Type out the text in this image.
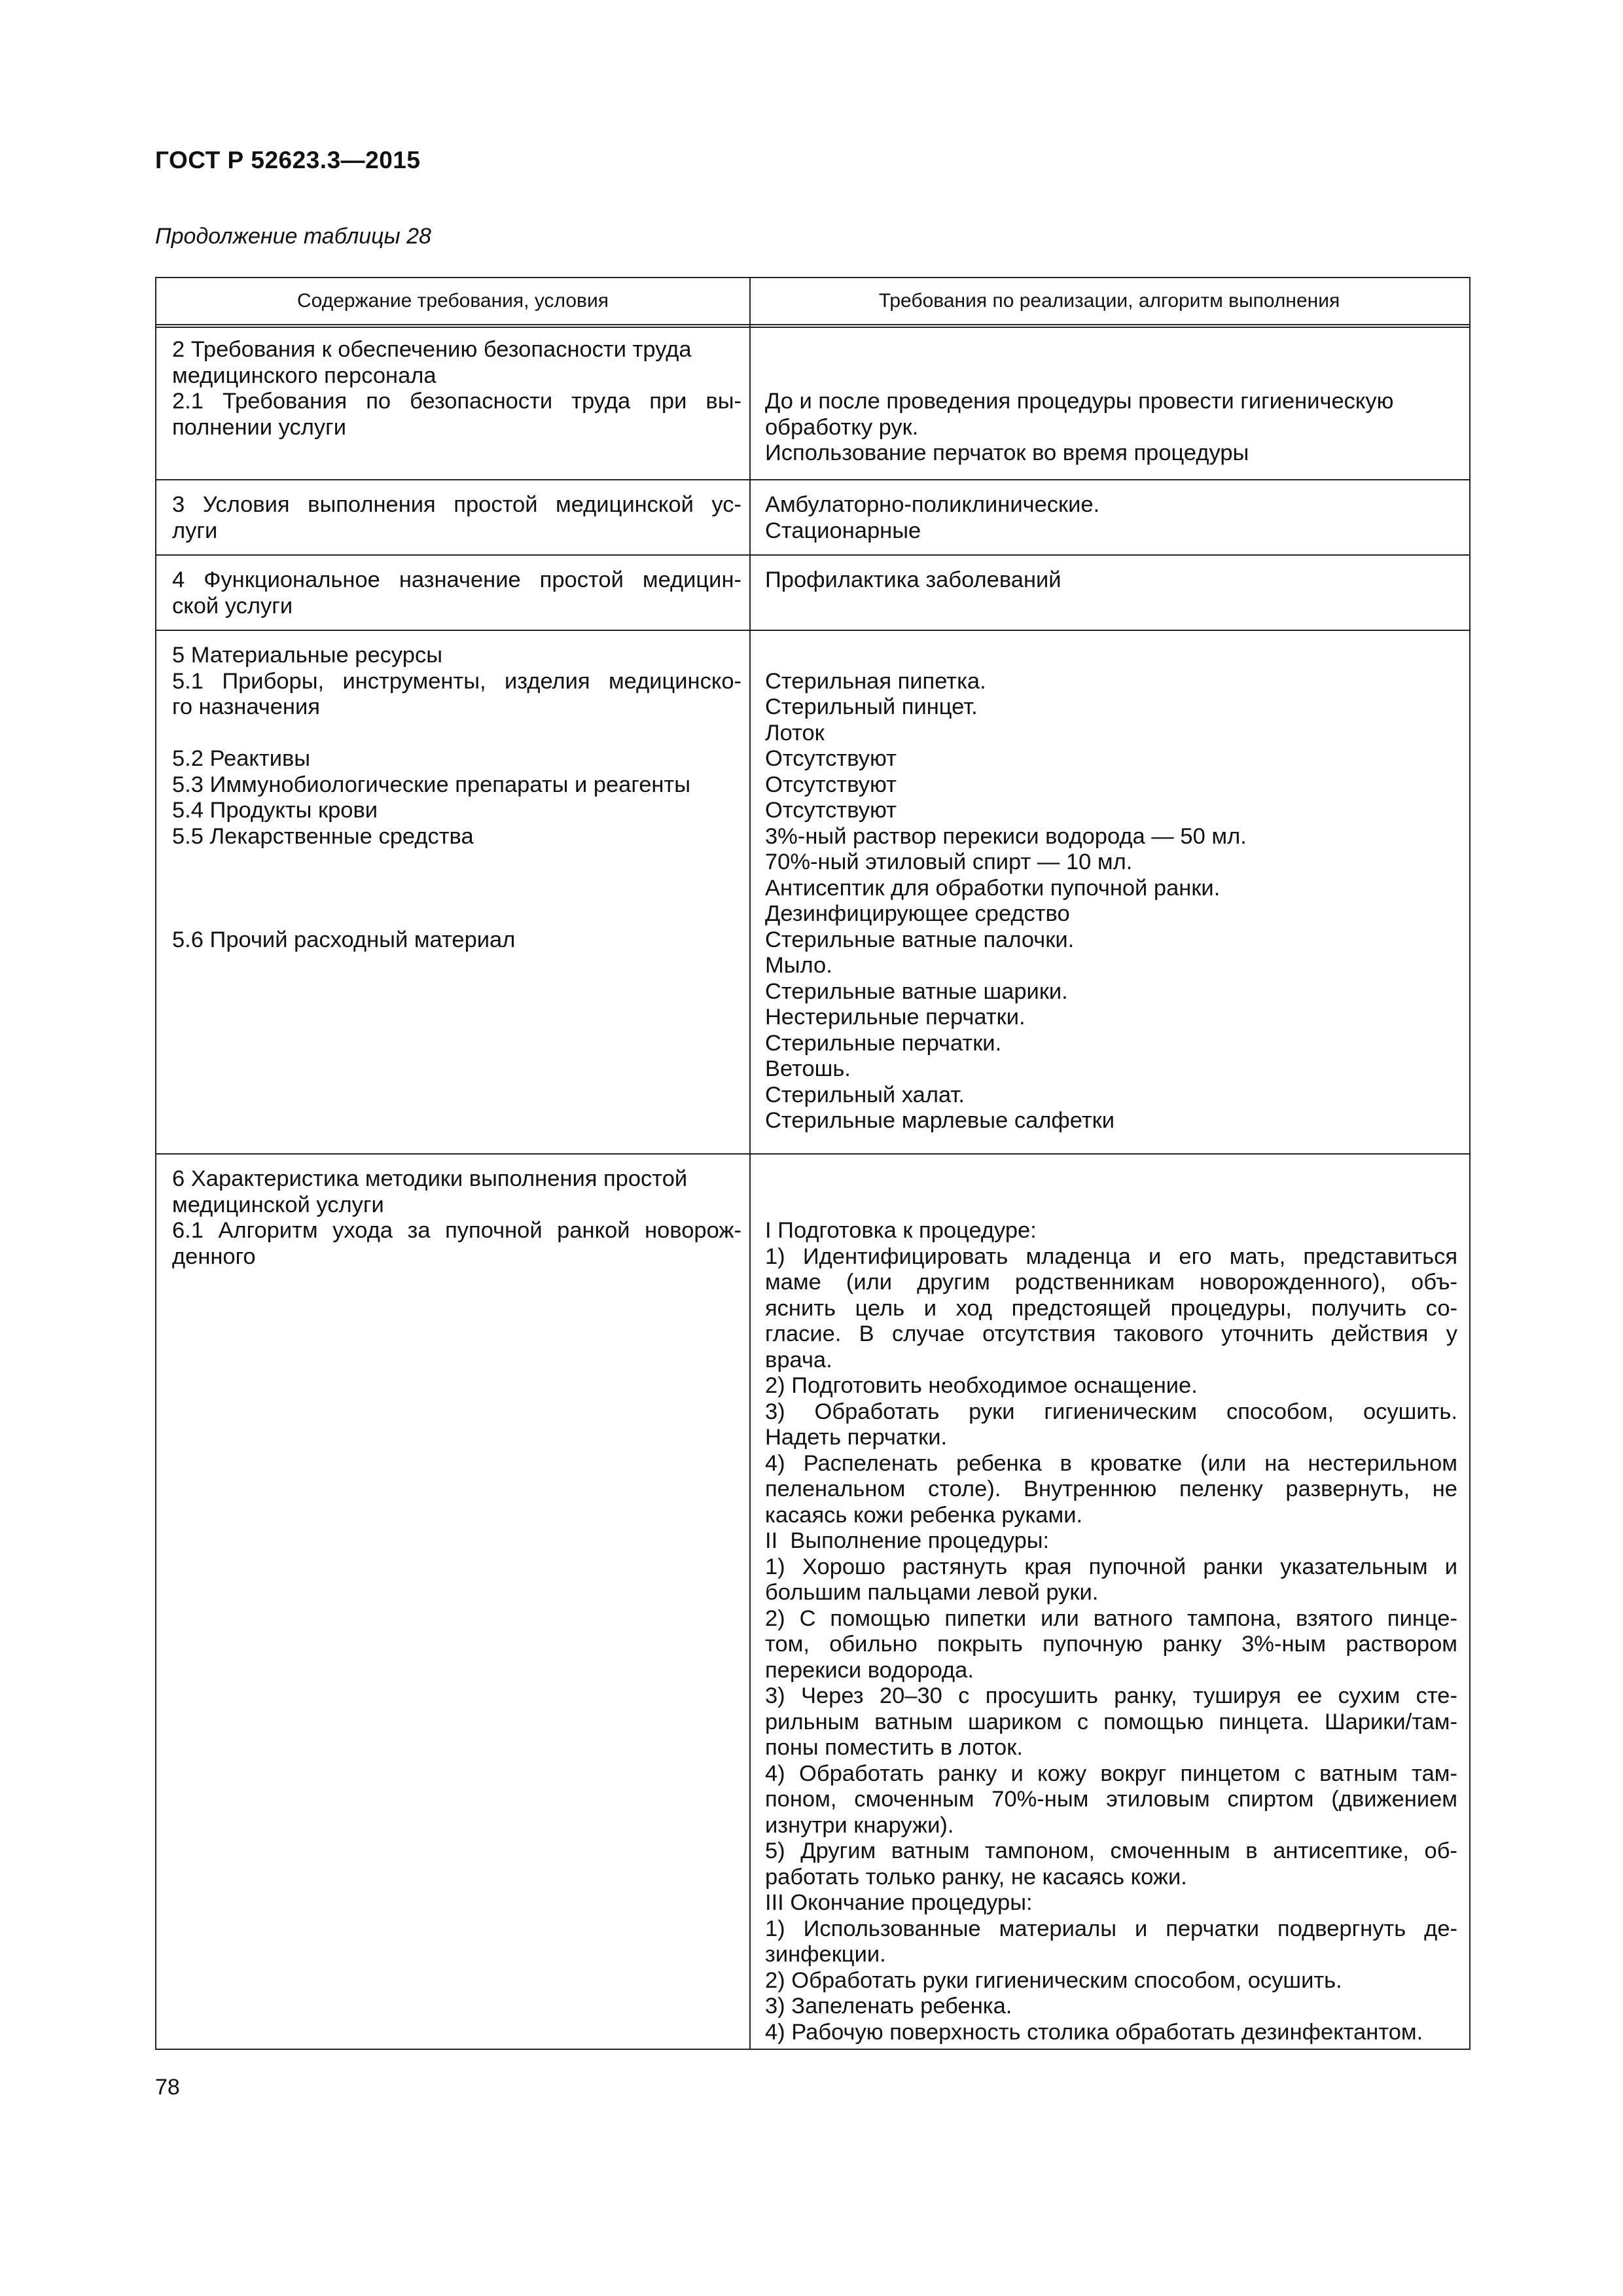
ГОСТ Р 52623.3—2015
Продолжение таблицы 28
Содержание требования, условия	Требования по реализации, алгоритм выполнения
2 Требования к обеспечению безопасности труда
медицинского персонала
2.1 Требования по безопасности труда при вы-
полнении услуги
До и после проведения процедуры провести гигиеническую
обработку рук.
Использование перчаток во время процедуры
3 Условия выполнения простой медицинской ус-
луги
Амбулаторно-поликлинические.
Стационарные
4 Функциональное назначение простой медицин-
ской услуги
Профилактика заболеваний
5 Материальные ресурсы
5.1 Приборы, инструменты, изделия медицинско-
го назначения
5.2 Реактивы
5.3 Иммунобиологические препараты и реагенты
5.4 Продукты крови
5.5 Лекарственные средства
5.6 Прочий расходный материал
Стерильная пипетка.
Стерильный пинцет.
Лоток
Отсутствуют
Отсутствуют
Отсутствуют
3%-ный раствор перекиси водорода — 50 мл.
70%-ный этиловый спирт — 10 мл.
Антисептик для обработки пупочной ранки.
Дезинфицирующее средство
Стерильные ватные палочки.
Мыло.
Стерильные ватные шарики.
Нестерильные перчатки.
Стерильные перчатки.
Ветошь.
Стерильный халат.
Стерильные марлевые салфетки
6 Характеристика методики выполнения простой
медицинской услуги
6.1 Алгоритм ухода за пупочной ранкой новорож-
денного
I Подготовка к процедуре:
1) Идентифицировать младенца и его мать, представиться
маме (или другим родственникам новорожденного), объ-
яснить цель и ход предстоящей процедуры, получить со-
гласие. В случае отсутствия такового уточнить действия у
врача.
2) Подготовить необходимое оснащение.
3) Обработать руки гигиеническим способом, осушить.
Надеть перчатки.
4) Распеленать ребенка в кроватке (или на нестерильном
пеленальном столе). Внутреннюю пеленку развернуть, не
касаясь кожи ребенка руками.
II  Выполнение процедуры:
1) Хорошо растянуть края пупочной ранки указательным и
большим пальцами левой руки.
2) С помощью пипетки или ватного тампона, взятого пинце-
том, обильно покрыть пупочную ранку 3%-ным раствором
перекиси водорода.
3) Через 20–30 с просушить ранку, тушируя ее сухим сте-
рильным ватным шариком с помощью пинцета. Шарики/там-
поны поместить в лоток.
4) Обработать ранку и кожу вокруг пинцетом с ватным там-
поном, смоченным 70%-ным этиловым спиртом (движением
изнутри кнаружи).
5) Другим ватным тампоном, смоченным в антисептике, об-
работать только ранку, не касаясь кожи.
III Окончание процедуры:
1) Использованные материалы и перчатки подвергнуть де-
зинфекции.
2) Обработать руки гигиеническим способом, осушить.
3) Запеленать ребенка.
4) Рабочую поверхность столика обработать дезинфектантом.
78
